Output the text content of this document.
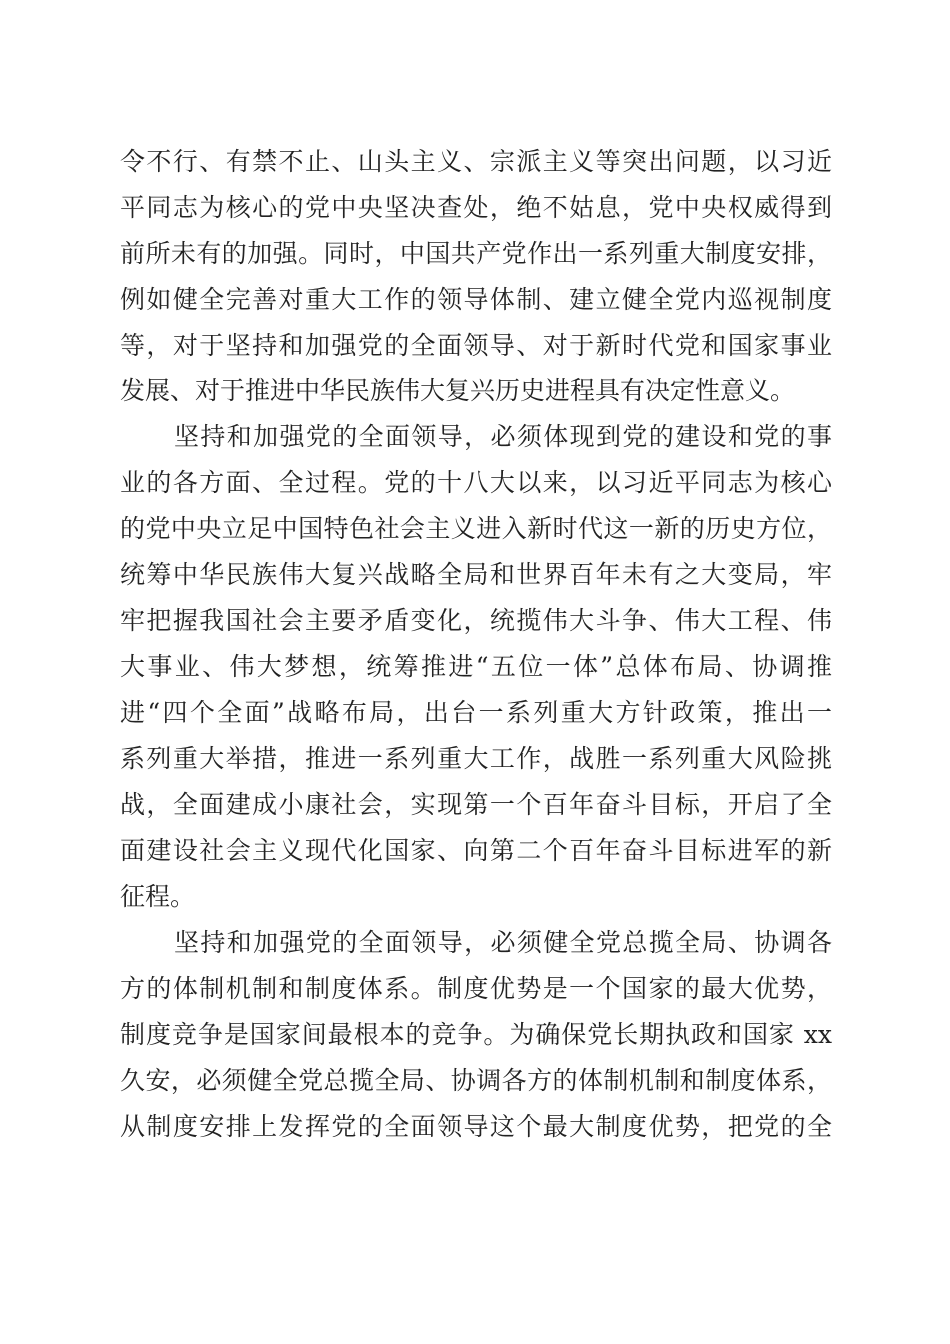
令不行、有禁不止、山头主义、宗派主义等突出问题，以习近
平同志为核心的党中央坚决查处，绝不姑息，党中央权威得到
前所未有的加强。同时，中国共产党作出一系列重大制度安排，
例如健全完善对重大工作的领导体制、建立健全党内巡视制度
等，对于坚持和加强党的全面领导、对于新时代党和国家事业
发展、对于推进中华民族伟大复兴历史进程具有决定性意义。
坚持和加强党的全面领导，必须体现到党的建设和党的事
业的各方面、全过程。党的十八大以来，以习近平同志为核心
的党中央立足中国特色社会主义进入新时代这一新的历史方位，
统筹中华民族伟大复兴战略全局和世界百年未有之大变局，牢
牢把握我国社会主要矛盾变化，统揽伟大斗争、伟大工程、伟
大事业、伟大梦想，统筹推进“五位一体”总体布局、协调推
进“四个全面”战略布局，出台一系列重大方针政策，推出一
系列重大举措，推进一系列重大工作，战胜一系列重大风险挑
战，全面建成小康社会，实现第一个百年奋斗目标，开启了全
面建设社会主义现代化国家、向第二个百年奋斗目标进军的新
征程。
坚持和加强党的全面领导，必须健全党总揽全局、协调各
方的体制机制和制度体系。制度优势是一个国家的最大优势，
制度竞争是国家间最根本的竞争。为确保党长期执政和国家 xx
久安，必须健全党总揽全局、协调各方的体制机制和制度体系，
从制度安排上发挥党的全面领导这个最大制度优势，把党的全
